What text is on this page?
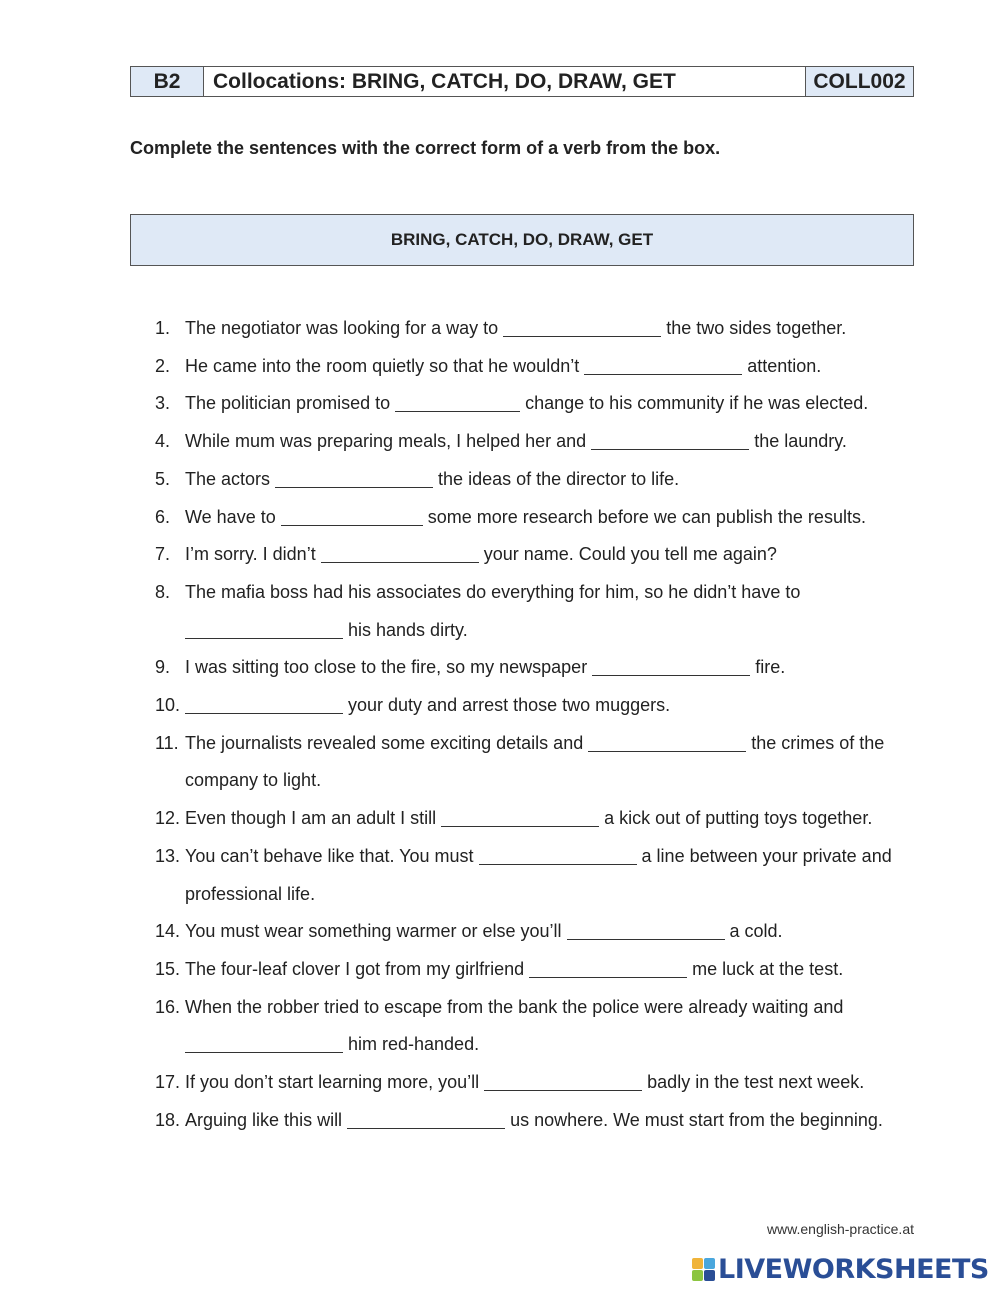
B2	Collocations: BRING, CATCH, DO, DRAW, GET	COLL002

Complete the sentences with the correct form of a verb from the box.

BRING, CATCH, DO, DRAW, GET
1. The negotiator was looking for a way to	the two sides together.
2. He came into the room quietly so that he wouldn’t	attention.
3. The politician promised to	change to his community if he was elected.
4. While mum was preparing meals, I helped her and	the laundry.
5. The actors	the ideas of the director to life.
6. We have to	some more research before we can publish the results.
7. I’m sorry. I didn’t	your name. Could you tell me again?
8. The mafia boss had his associates do everything for him, so he didn’t have to  his hands dirty.
9. I was sitting too close to the fire, so my newspaper	fire.
10.	your duty and arrest those two muggers.
11. The journalists revealed some exciting details and	the crimes of the company to light.
12. Even though I am an adult I still	a kick out of putting toys together.
13. You can’t behave like that. You must	a line between your private and professional life.
14. You must wear something warmer or else you’ll	a cold.
15. The four-leaf clover I got from my girlfriend	me luck at the test.
16. When the robber tried to escape from the bank the police were already waiting and  him red-handed.
17. If you don’t start learning more, you’ll	badly in the test next week.
18. Arguing like this will	us nowhere. We must start from the beginning.
www.english-practice.at
LIVEWORKSHEETS
